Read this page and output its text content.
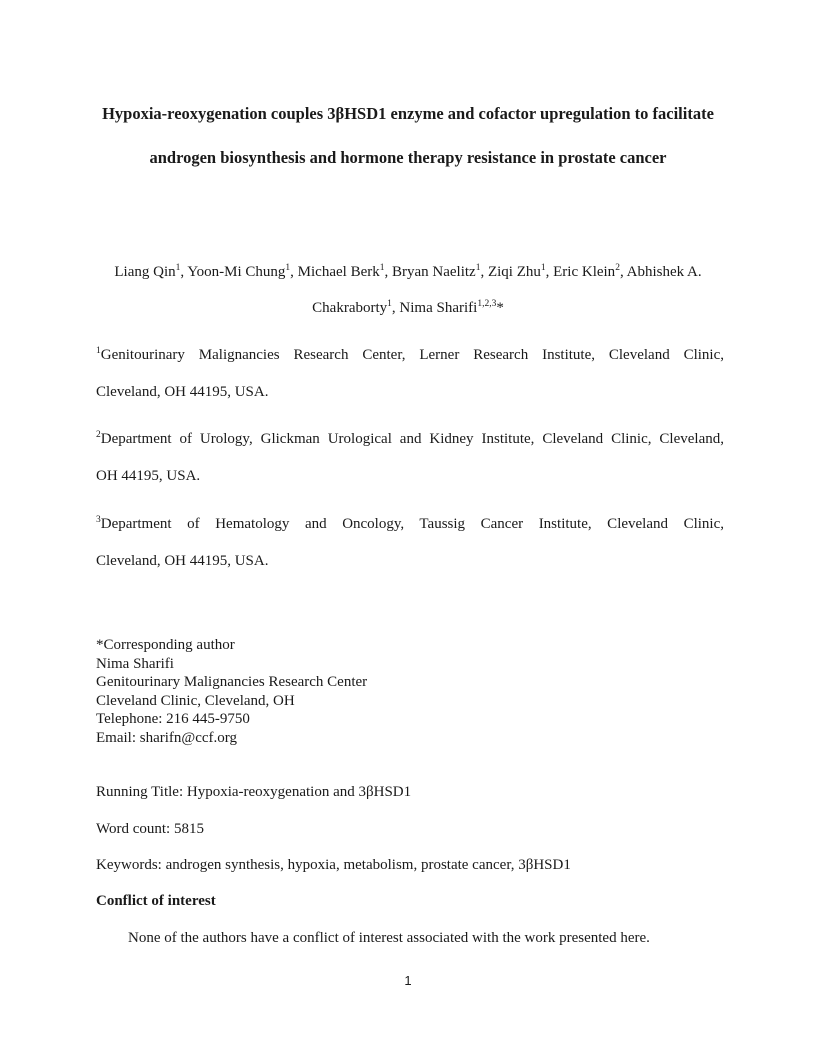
Hypoxia-reoxygenation couples 3βHSD1 enzyme and cofactor upregulation to facilitate androgen biosynthesis and hormone therapy resistance in prostate cancer
Liang Qin$^1$, Yoon-Mi Chung$^1$, Michael Berk$^1$, Bryan Naelitz$^1$, Ziqi Zhu$^1$, Eric Klein$^2$, Abhishek A. Chakraborty$^1$, Nima Sharifi$^{1,2,3}$*
$^1$Genitourinary Malignancies Research Center, Lerner Research Institute, Cleveland Clinic,
Cleveland, OH 44195, USA.
$^2$Department of Urology, Glickman Urological and Kidney Institute, Cleveland Clinic, Cleveland,
OH 44195, USA.
$^3$Department of Hematology and Oncology, Taussig Cancer Institute, Cleveland Clinic,
Cleveland, OH 44195, USA.
*Corresponding author
Nima Sharifi
Genitourinary Malignancies Research Center
Cleveland Clinic, Cleveland, OH
Telephone: 216 445-9750
Email: sharifn@ccf.org
Running Title: Hypoxia-reoxygenation and 3βHSD1
Word count: 5815
Keywords: androgen synthesis, hypoxia, metabolism, prostate cancer, 3βHSD1
Conflict of interest
None of the authors have a conflict of interest associated with the work presented here.
1
